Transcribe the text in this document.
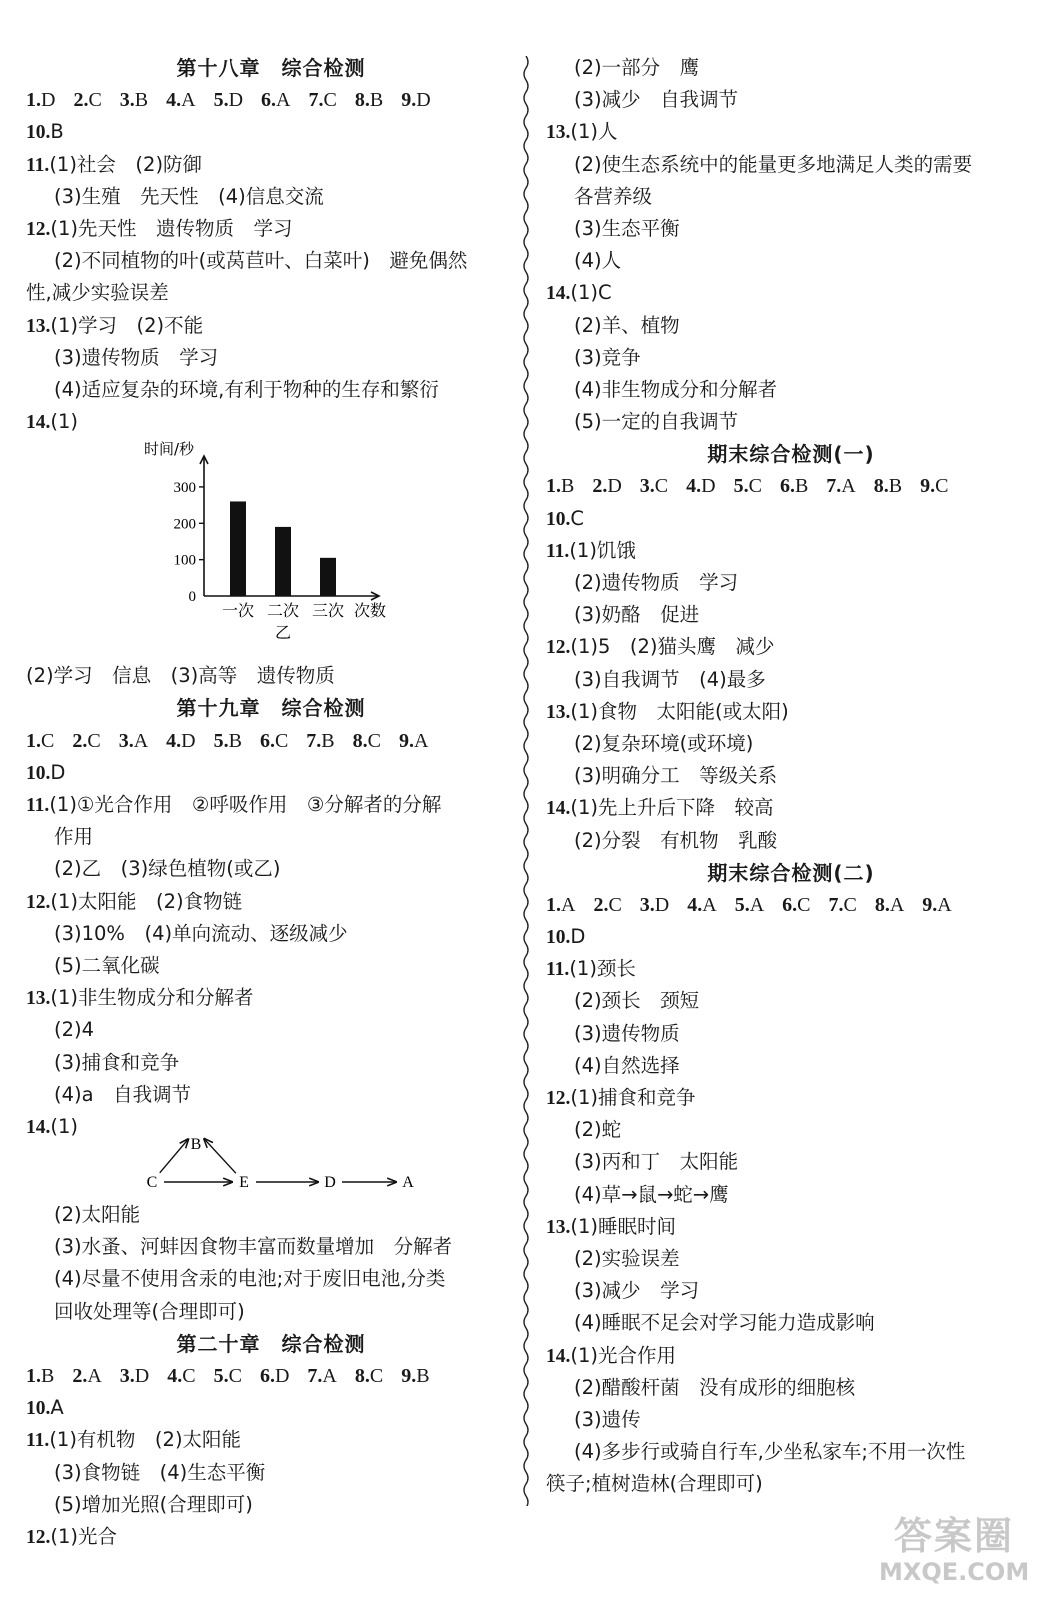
第十八章　综合检测
1.D 2.C 3.B 4.A 5.D 6.A 7.C 8.B 9.D
10.B
11.(1)社会　(2)防御
(3)生殖　先天性　(4)信息交流
12.(1)先天性　遗传物质　学习
(2)不同植物的叶(或莴苣叶、白菜叶)　避免偶然
性,减少实验误差
13.(1)学习　(2)不能
(3)遗传物质　学习
(4)适应复杂的环境,有利于物种的生存和繁衍
14.(1)
时间/秒
0
100
200
300
一次 二次 三次 次数
乙
(2)学习　信息　(3)高等　遗传物质
第十九章　综合检测
1.C 2.C 3.A 4.D 5.B 6.C 7.B 8.C 9.A
10.D
11.(1)①光合作用　②呼吸作用　③分解者的分解
作用
(2)乙　(3)绿色植物(或乙)
12.(1)太阳能　(2)食物链
(3)10%　(4)单向流动、逐级减少
(5)二氧化碳
13.(1)非生物成分和分解者
(2)4
(3)捕食和竞争
(4)a　自我调节
14.(1)
B
C	E	D	A
(2)太阳能
(3)水蚤、河蚌因食物丰富而数量增加　分解者
(4)尽量不使用含汞的电池;对于废旧电池,分类
回收处理等(合理即可)
第二十章　综合检测
1.B 2.A 3.D 4.C 5.C 6.D 7.A 8.C 9.B
10.A
11.(1)有机物　(2)太阳能
(3)食物链　(4)生态平衡
(5)增加光照(合理即可)
12.(1)光合
(2)一部分　鹰
(3)减少　自我调节
13.(1)人
(2)使生态系统中的能量更多地满足人类的需要
各营养级
(3)生态平衡
(4)人
14.(1)C
(2)羊、植物
(3)竞争
(4)非生物成分和分解者
(5)一定的自我调节
期末综合检测(一)
1.B 2.D 3.C 4.D 5.C 6.B 7.A 8.B 9.C
10.C
11.(1)饥饿
(2)遗传物质　学习
(3)奶酪　促进
12.(1)5　(2)猫头鹰　减少
(3)自我调节　(4)最多
13.(1)食物　太阳能(或太阳)
(2)复杂环境(或环境)
(3)明确分工　等级关系
14.(1)先上升后下降　较高
(2)分裂　有机物　乳酸
期末综合检测(二)
1.A 2.C 3.D 4.A 5.A 6.C 7.C 8.A 9.A
10.D
11.(1)颈长
(2)颈长　颈短
(3)遗传物质
(4)自然选择
12.(1)捕食和竞争
(2)蛇
(3)丙和丁　太阳能
(4)草→鼠→蛇→鹰
13.(1)睡眠时间
(2)实验误差
(3)减少　学习
(4)睡眠不足会对学习能力造成影响
14.(1)光合作用
(2)醋酸杆菌　没有成形的细胞核
(3)遗传
(4)多步行或骑自行车,少坐私家车;不用一次性
筷子;植树造林(合理即可)
答案圈
MXQE.COM
